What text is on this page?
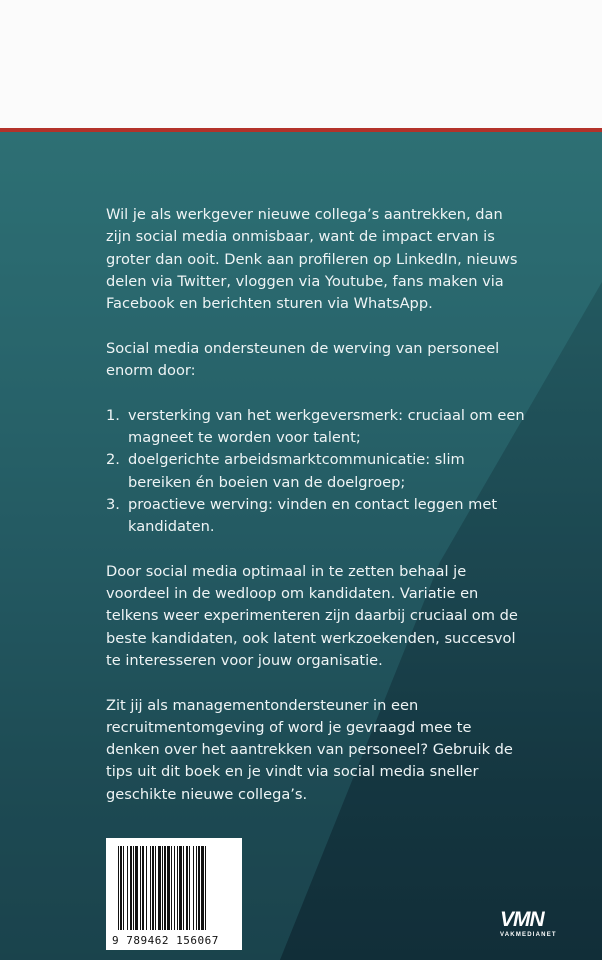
Wil je als werkgever nieuwe collega’s aantrekken, dan zijn social media onmisbaar, want de impact ervan is groter dan ooit. Denk aan profileren op LinkedIn, nieuws delen via Twitter, vloggen via Youtube, fans maken via Facebook en berichten sturen via WhatsApp.

Social media ondersteunen de werving van personeel enorm door:

1. versterking van het werkgeversmerk: cruciaal om een magneet te worden voor talent;
2. doelgerichte arbeidsmarktcommunicatie: slim bereiken én boeien van de doelgroep;
3. proactieve werving: vinden en contact leggen met kandidaten.

Door social media optimaal in te zetten behaal je voordeel in de wedloop om kandidaten. Variatie en telkens weer experimenteren zijn daarbij cruciaal om de beste kandidaten, ook latent werkzoekenden, succesvol te interesseren voor jouw organisatie.

Zit jij als managementondersteuner in een recruitmentomgeving of word je gevraagd mee te denken over het aantrekken van personeel? Gebruik de tips uit dit boek en je vindt via social media sneller geschikte nieuwe collega’s.

9 789462 156067
VMN
VAKMEDIANET
